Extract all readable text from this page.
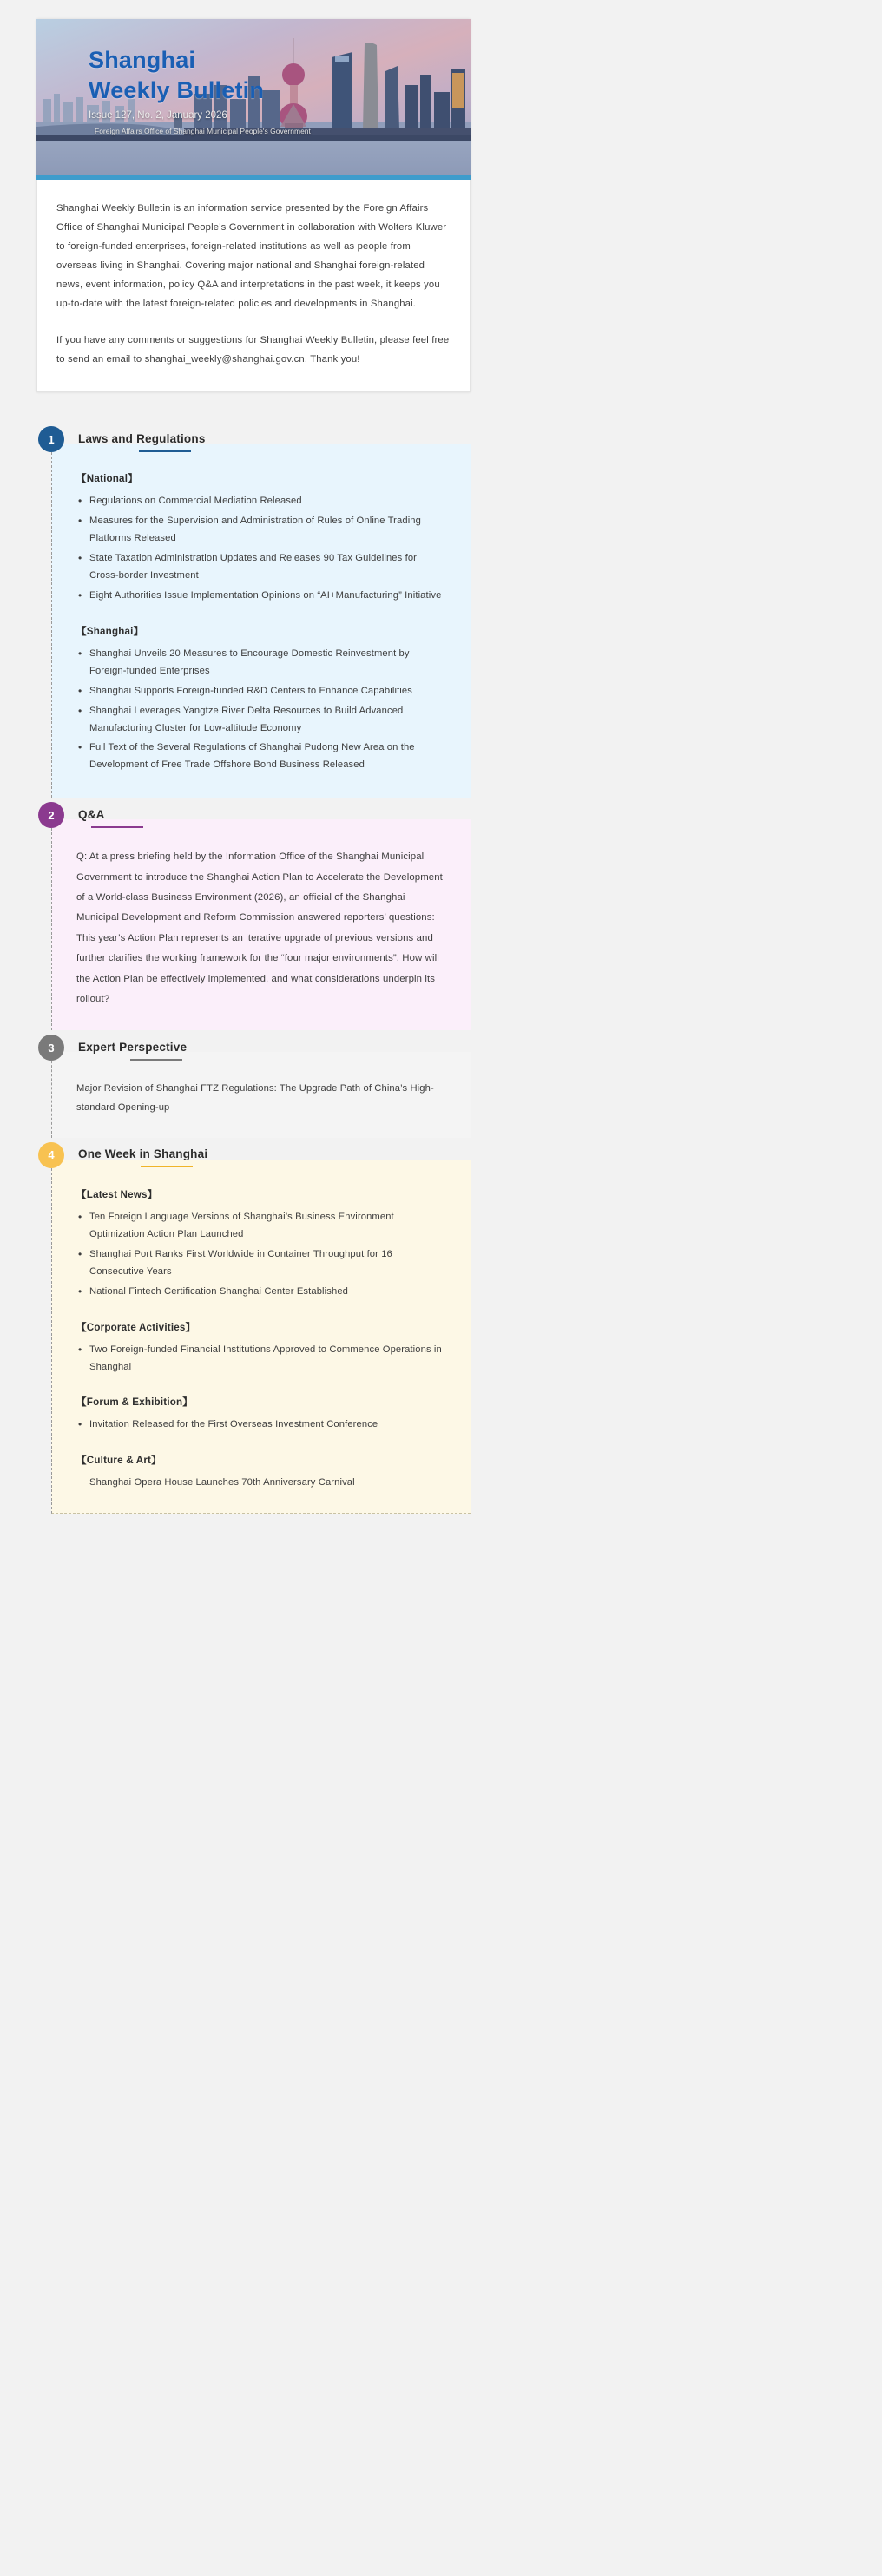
Shanghai
Weekly Bulletin
Issue 127, No. 2, January 2026
Foreign Affairs Office of Shanghai Municipal People's Government

Shanghai Weekly Bulletin is an information service presented by the Foreign Affairs Office of Shanghai Municipal People’s Government in collaboration with Wolters Kluwer to foreign-funded enterprises, foreign-related institutions as well as people from overseas living in Shanghai. Covering major national and Shanghai foreign-related news, event information, policy Q&A and interpretations in the past week, it keeps you up-to-date with the latest foreign-related policies and developments in Shanghai.

If you have any comments or suggestions for Shanghai Weekly Bulletin, please feel free to send an email to shanghai_weekly@shanghai.gov.cn. Thank you!

1	Laws and Regulations
【National】
• Regulations on Commercial Mediation Released
• Measures for the Supervision and Administration of Rules of Online Trading Platforms Released
• State Taxation Administration Updates and Releases 90 Tax Guidelines for Cross-border Investment
• Eight Authorities Issue Implementation Opinions on “AI+Manufacturing” Initiative
【Shanghai】
• Shanghai Unveils 20 Measures to Encourage Domestic Reinvestment by Foreign-funded Enterprises
• Shanghai Supports Foreign-funded R&D Centers to Enhance Capabilities
• Shanghai Leverages Yangtze River Delta Resources to Build Advanced Manufacturing Cluster for Low-altitude Economy
• Full Text of the Several Regulations of Shanghai Pudong New Area on the Development of Free Trade Offshore Bond Business Released
2	Q&A
Q: At a press briefing held by the Information Office of the Shanghai Municipal Government to introduce the Shanghai Action Plan to Accelerate the Development of a World-class Business Environment (2026), an official of the Shanghai Municipal Development and Reform Commission answered reporters’ questions: This year’s Action Plan represents an iterative upgrade of previous versions and further clarifies the working framework for the “four major environments”. How will the Action Plan be effectively implemented, and what considerations underpin its rollout?
3	Expert Perspective
Major Revision of Shanghai FTZ Regulations: The Upgrade Path of China’s High-standard Opening-up
4	One Week in Shanghai
【Latest News】
• Ten Foreign Language Versions of Shanghai’s Business Environment Optimization Action Plan Launched
• Shanghai Port Ranks First Worldwide in Container Throughput for 16 Consecutive Years
• National Fintech Certification Shanghai Center Established
【Corporate Activities】
• Two Foreign-funded Financial Institutions Approved to Commence Operations in Shanghai
【Forum & Exhibition】
• Invitation Released for the First Overseas Investment Conference
【Culture & Art】
Shanghai Opera House Launches 70th Anniversary Carnival
